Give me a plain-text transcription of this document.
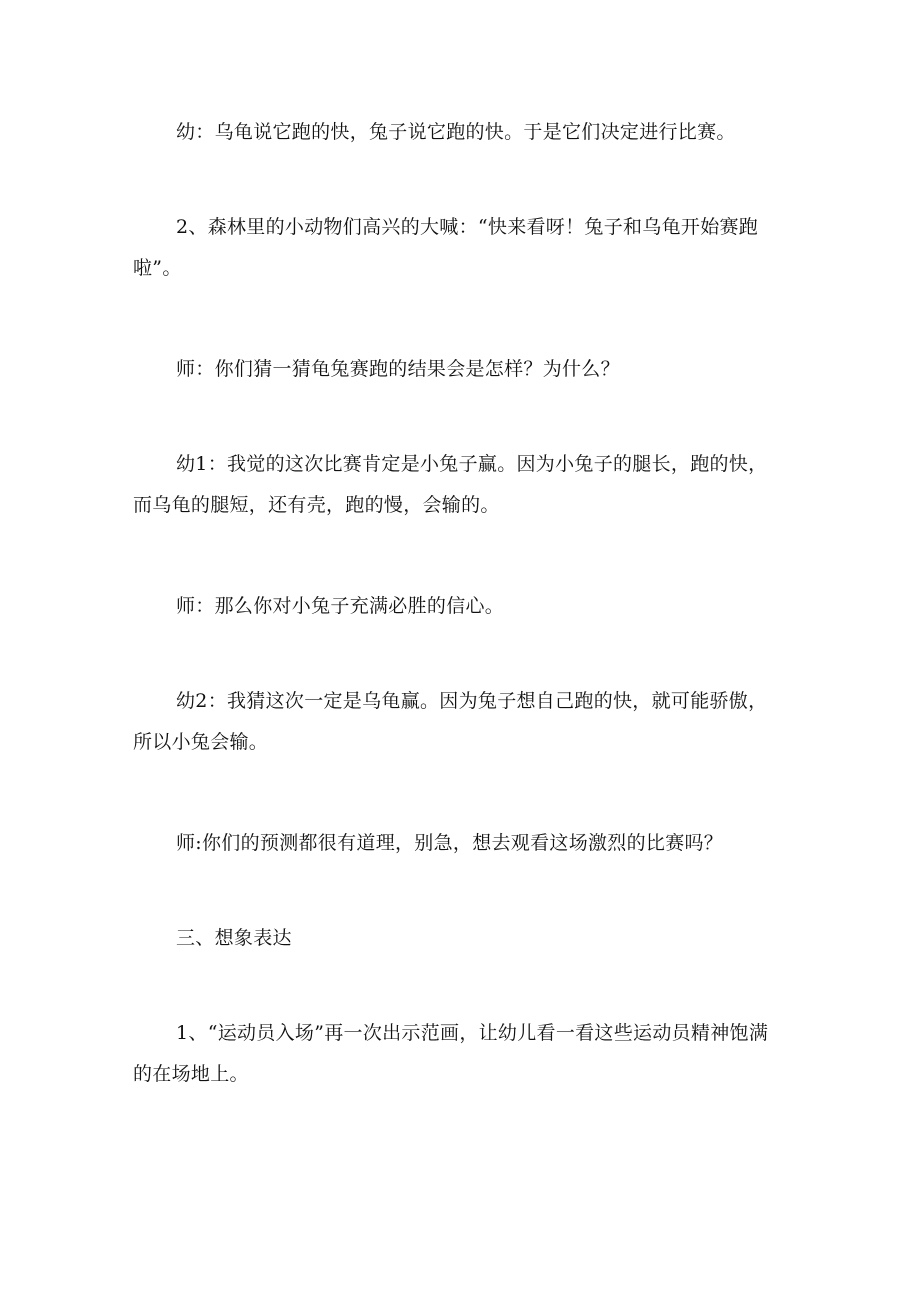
幼：乌龟说它跑的快，兔子说它跑的快。于是它们决定进行比赛。

2、森林里的小动物们高兴的大喊：“快来看呀！兔子和乌龟开始赛跑啦”。

师：你们猜一猜龟兔赛跑的结果会是怎样？为什么？

幼1：我觉的这次比赛肯定是小兔子赢。因为小兔子的腿长，跑的快，而乌龟的腿短，还有壳，跑的慢，会输的。

师：那么你对小兔子充满必胜的信心。

幼2：我猜这次一定是乌龟赢。因为兔子想自己跑的快，就可能骄傲，所以小兔会输。

师:你们的预测都很有道理，别急，想去观看这场激烈的比赛吗？

三、想象表达

1、“运动员入场”再一次出示范画，让幼儿看一看这些运动员精神饱满的在场地上。
